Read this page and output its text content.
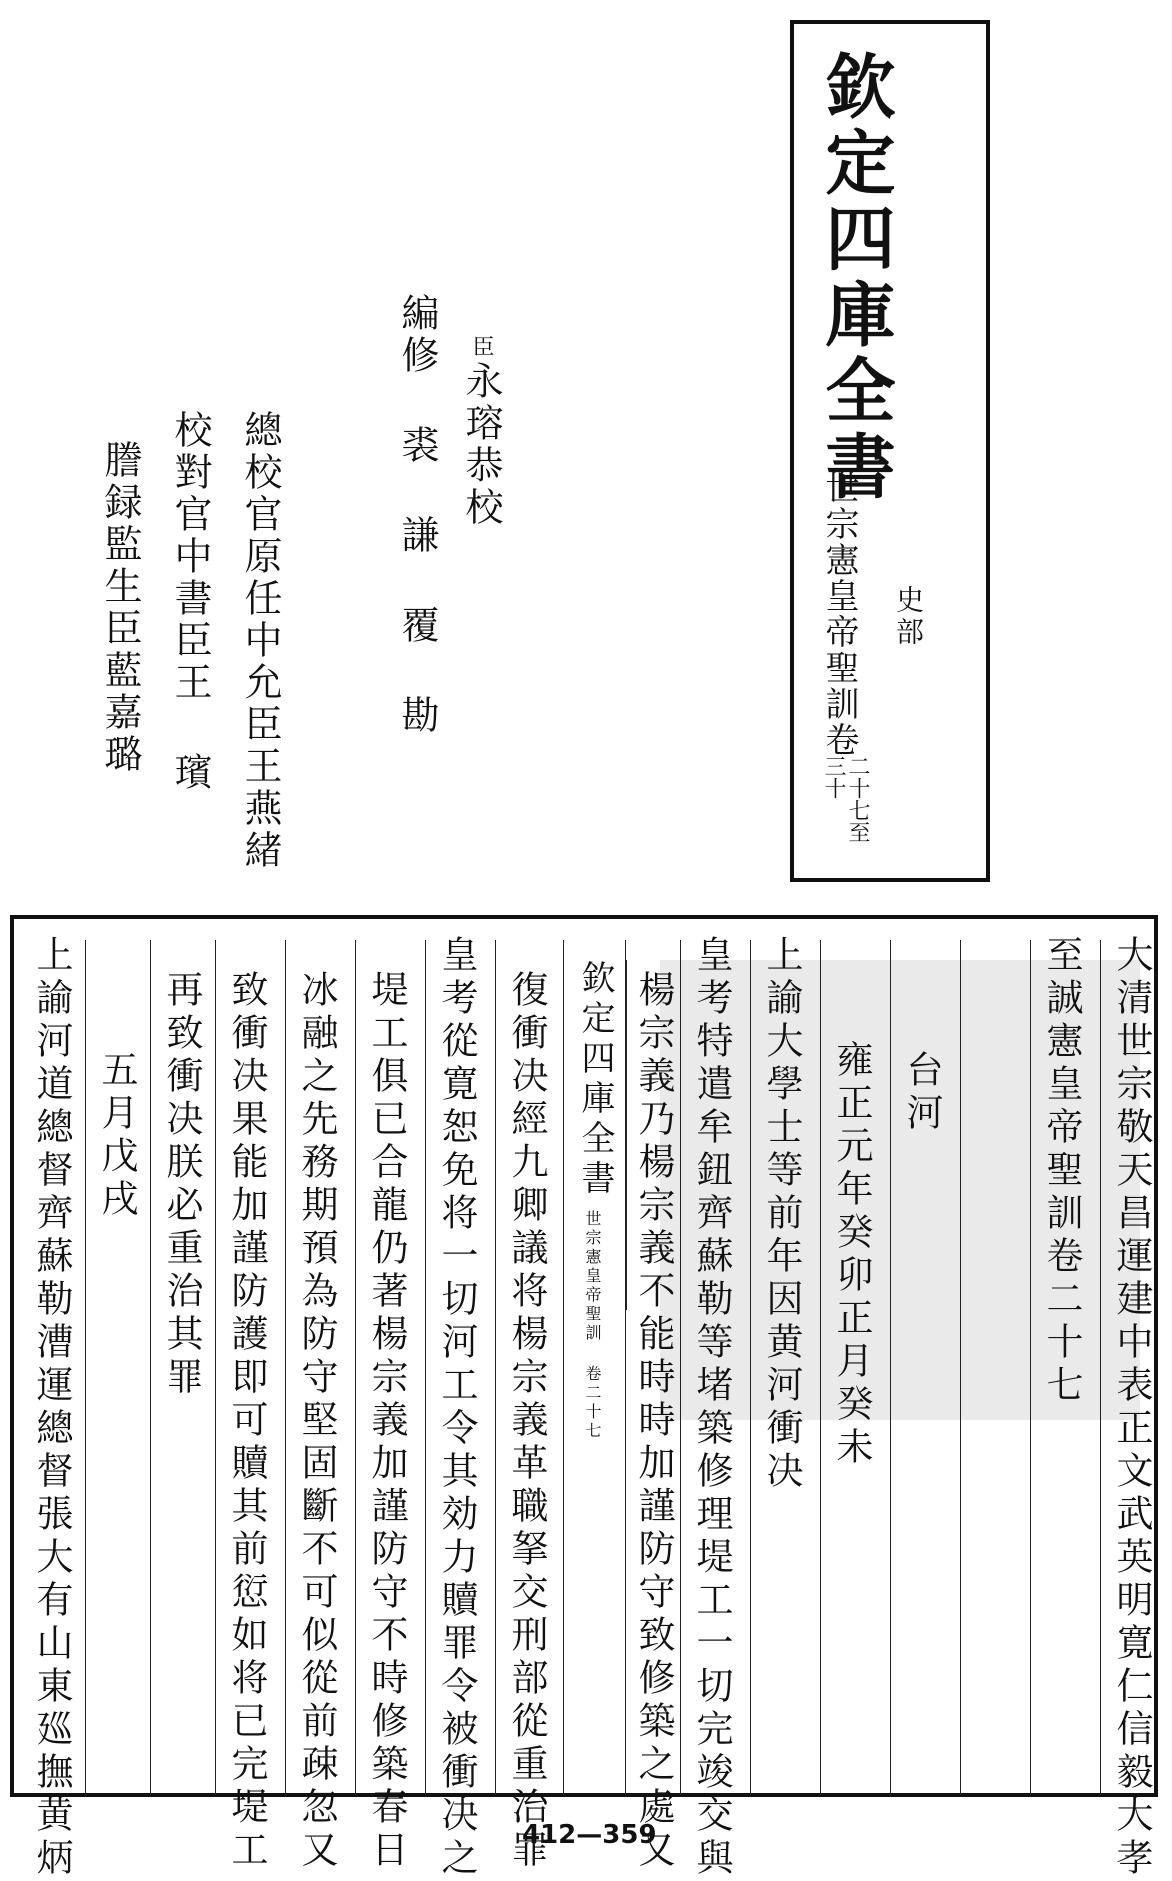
欽定四庫全書
世宗憲皇帝聖訓卷
二十七至
三十
史部
臣永瑢恭校
修 裘 謙 覆 勘
編
總校官原任中允臣王燕緒
校對官中書臣王 璸
謄録監生臣藍嘉璐
大清世宗敬天昌運建中表正文武英明寛仁信毅大孝
至誠憲皇帝聖訓卷二十七
台河
雍正元年癸卯正月癸未
上諭大學士等前年因黄河衝决
皇考特遣牟鈕齊蘇勒等堵築修理堤工一切完竣交與
楊宗義乃楊宗義不能時時加謹防守致修築之處又
欽定四庫全書
世宗憲皇帝聖訓 卷二十七
復衝决經九卿議将楊宗義革職拏交刑部從重治罪
皇考從寛恕免将一切河工令其効力贖罪令被衝决之
堤工俱已合龍仍著楊宗義加謹防守不時修築春日
冰融之先務期預為防守堅固斷不可似從前疎忽又
致衝决果能加謹防護即可贖其前愆如将已完堤工
再致衝决朕必重治其罪
五月戊戌
上諭河道總督齊蘇勒漕運總督張大有山東廵撫黄炳	412—359
